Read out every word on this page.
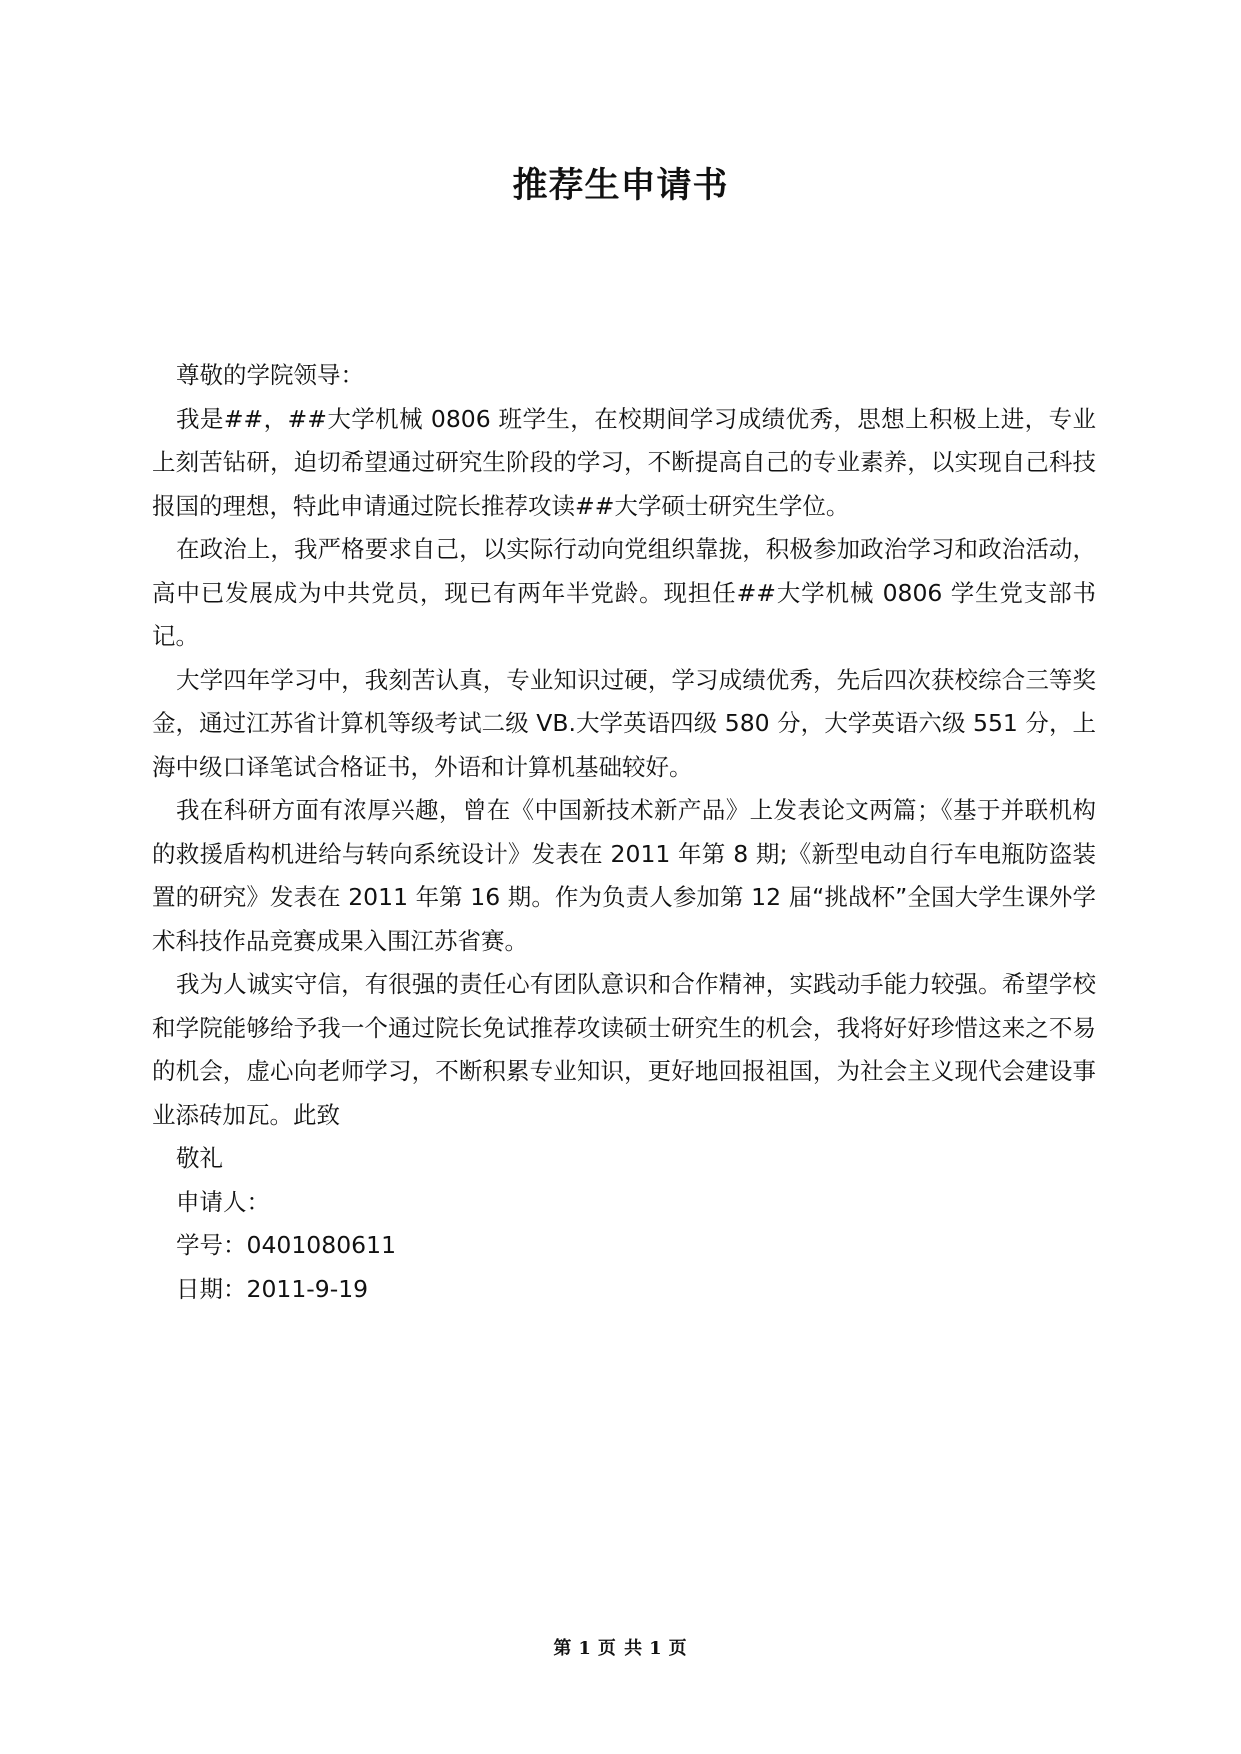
推荐生申请书

尊敬的学院领导：

我是##，##大学机械 0806 班学生，在校期间学习成绩优秀，思想上积极上进，专业上刻苦钻研，迫切希望通过研究生阶段的学习，不断提高自己的专业素养，以实现自己科技报国的理想，特此申请通过院长推荐攻读##大学硕士研究生学位。

在政治上，我严格要求自己，以实际行动向党组织靠拢，积极参加政治学习和政治活动，高中已发展成为中共党员，现已有两年半党龄。现担任##大学机械 0806 学生党支部书记。

大学四年学习中，我刻苦认真，专业知识过硬，学习成绩优秀，先后四次获校综合三等奖金，通过江苏省计算机等级考试二级 VB.大学英语四级 580 分，大学英语六级 551 分，上海中级口译笔试合格证书，外语和计算机基础较好。

我在科研方面有浓厚兴趣，曾在《中国新技术新产品》上发表论文两篇；《基于并联机构的救援盾构机进给与转向系统设计》发表在 2011 年第 8 期;《新型电动自行车电瓶防盗装置的研究》发表在 2011 年第 16 期。作为负责人参加第 12 届“挑战杯”全国大学生课外学术科技作品竞赛成果入围江苏省赛。

我为人诚实守信，有很强的责任心有团队意识和合作精神，实践动手能力较强。希望学校和学院能够给予我一个通过院长免试推荐攻读硕士研究生的机会，我将好好珍惜这来之不易的机会，虚心向老师学习，不断积累专业知识，更好地回报祖国，为社会主义现代会建设事业添砖加瓦。此致

敬礼

申请人：

学号：0401080611

日期：2011-9-19

第 1 页 共 1 页
